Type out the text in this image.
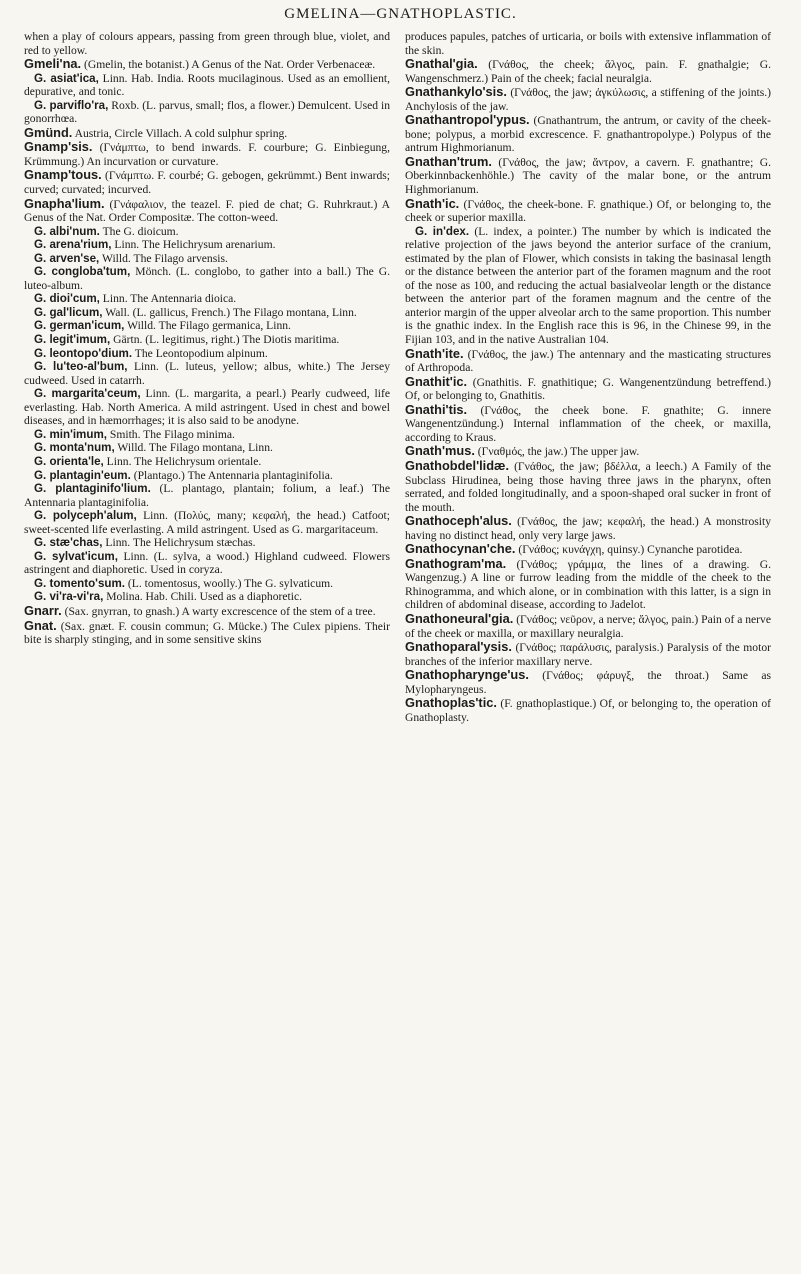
GMELINA—GNATHOPLASTIC.

when a play of colours appears, passing from green through blue, violet, and red to yellow.

Gmeli'na. (Gmelin, the botanist.) A Genus of the Nat. Order Verbenaceæ.

G. asiat'ica, Linn. Hab. India. Roots mucilaginous. Used as an emollient, depurative, and tonic.

G. parviflo'ra, Roxb. (L. parvus, small; flos, a flower.) Demulcent. Used in gonorrhœa.

Gmünd. Austria, Circle Villach. A cold sulphur spring.

Gnamp'sis. (Γνάμπτω, to bend inwards. F. courbure; G. Einbiegung, Krümmung.) An incurvation or curvature.

Gnamp'tous. (Γνάμπτω. F. courbé; G. gebogen, gekrümmt.) Bent inwards; curved; curvated; incurved.

Gnapha'lium. (Γνάφαλιον, the teazel. F. pied de chat; G. Ruhrkraut.) A Genus of the Nat. Order Compositæ. The cotton-weed.

G. albi'num. The G. dioicum.

G. arena'rium, Linn. The Helichrysum arenarium.

G. arven'se, Willd. The Filago arvensis.

G. conglobа'tum, Mönch. (L. conglobo, to gather into a ball.) The G. luteo-album.

G. dioi'cum, Linn. The Antennaria dioica.

G. gal'licum, Wall. (L. gallicus, French.) The Filago montana, Linn.

G. german'icum, Willd. The Filago germanica, Linn.

G. legit'imum, Gärtn. (L. legitimus, right.) The Diotis maritima.

G. leontopo'dium. The Leontopodium alpinum.

G. lu'teo-al'bum, Linn. (L. luteus, yellow; albus, white.) The Jersey cudweed. Used in catarrh.

G. margarita'ceum, Linn. (L. margarita, a pearl.) Pearly cudweed, life everlasting. Hab. North America. A mild astringent. Used in chest and bowel diseases, and in hæmorrhages; it is also said to be anodyne.

G. min'imum, Smith. The Filago minima.

G. monta'num, Willd. The Filago montana, Linn.

G. orienta'le, Linn. The Helichrysum orientale.

G. plantagin'eum. (Plantago.) The Antennaria plantaginifolia.

G. plantaginifo'lium. (L. plantago, plantain; folium, a leaf.) The Antennaria plantaginifolia.

G. polyceph'alum, Linn. (Πολύς, many; κεφαλή, the head.) Catfoot; sweet-scented life everlasting. A mild astringent. Used as G. margaritaceum.

G. stæ'chas, Linn. The Helichrysum stæchas.

G. sylvat'icum, Linn. (L. sylva, a wood.) Highland cudweed. Flowers astringent and diaphoretic. Used in coryza.

G. tomento'sum. (L. tomentosus, woolly.) The G. sylvaticum.

G. vi'ra-vi'ra, Molina. Hab. Chili. Used as a diaphoretic.

Gnarr. (Sax. gnyrran, to gnash.) A warty excrescence of the stem of a tree.

Gnat. (Sax. gnæt. F. cousin commun; G. Mücke.) The Culex pipiens. Their bite is sharply stinging, and in some sensitive skins

produces papules, patches of urticaria, or boils with extensive inflammation of the skin.

Gnathal'gia. (Γνάθος, the cheek; ἄλγος, pain. F. gnathalgie; G. Wangenschmerz.) Pain of the cheek; facial neuralgia.

Gnathankylo'sis. (Γνάθος, the jaw; ἀγκύλωσις, a stiffening of the joints.) Anchylosis of the jaw.

Gnathantropol'ypus. (Gnathantrum, the antrum, or cavity of the cheek-bone; polypus, a morbid excrescence. F. gnathantropolype.) Polypus of the antrum Highmorianum.

Gnathan'trum. (Γνάθος, the jaw; ἄντρον, a cavern. F. gnathantre; G. Oberkinnbackenhöhle.) The cavity of the malar bone, or the antrum Highmorianum.

Gnath'ic. (Γνάθος, the cheek-bone. F. gnathique.) Of, or belonging to, the cheek or superior maxilla.

G. in'dex. (L. index, a pointer.) The number by which is indicated the relative projection of the jaws beyond the anterior surface of the cranium, estimated by the plan of Flower, which consists in taking the basinasal length or the distance between the anterior part of the foramen magnum and the root of the nose as 100, and reducing the actual basialveolar length or the distance between the anterior part of the foramen magnum and the centre of the anterior margin of the upper alveolar arch to the same proportion. This number is the gnathic index. In the English race this is 96, in the Chinese 99, in the Fijian 103, and in the native Australian 104.

Gnath'ite. (Γνάθος, the jaw.) The antennary and the masticating structures of Arthropoda.

Gnathit'ic. (Gnathitis. F. gnathitique; G. Wangenentzündung betreffend.) Of, or belonging to, Gnathitis.

Gnathi'tis. (Γνάθος, the cheek bone. F. gnathite; G. innere Wangenentzündung.) Internal inflammation of the cheek, or maxilla, according to Kraus.

Gnath'mus. (Γναθμός, the jaw.) The upper jaw.

Gnathobdel'lidæ. (Γνάθος, the jaw; βδέλλα, a leech.) A Family of the Subclass Hirudinea, being those having three jaws in the pharynx, often serrated, and folded longitudinally, and a spoon-shaped oral sucker in front of the mouth.

Gnathoceph'alus. (Γνάθος, the jaw; κεφαλή, the head.) A monstrosity having no distinct head, only very large jaws.

Gnathocynan'che. (Γνάθος; κυνάγχη, quinsy.) Cynanche parotidea.

Gnathogram'ma. (Γνάθος; γράμμα, the lines of a drawing. G. Wangenzug.) A line or furrow leading from the middle of the cheek to the Rhinogramma, and which alone, or in combination with this latter, is a sign in children of abdominal disease, according to Jadelot.

Gnathoneural'gia. (Γνάθος; νεῦρον, a nerve; ἄλγος, pain.) Pain of a nerve of the cheek or maxilla, or maxillary neuralgia.

Gnathoparal'ysis. (Γνάθος; παράλυσις, paralysis.) Paralysis of the motor branches of the inferior maxillary nerve.

Gnathopharynge'us. (Γνάθος; φάρυγξ, the throat.) Same as Mylopharyngeus.

Gnathoplas'tic. (F. gnathoplastique.) Of, or belonging to, the operation of Gnathoplasty.
